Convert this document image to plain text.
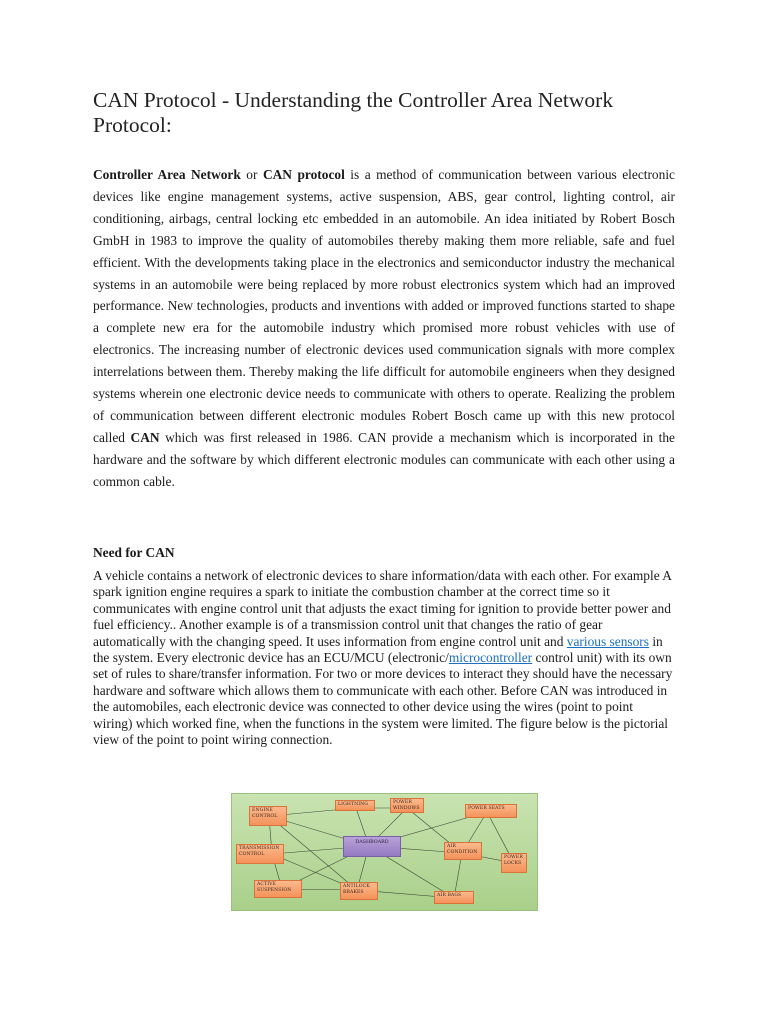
CAN Protocol - Understanding the Controller Area Network Protocol:

Controller Area Network or CAN protocol is a method of communication between various electronic devices like engine management systems, active suspension, ABS, gear control, lighting control, air conditioning, airbags, central locking etc embedded in an automobile. An idea initiated by Robert Bosch GmbH in 1983 to improve the quality of automobiles thereby making them more reliable, safe and fuel efficient. With the developments taking place in the electronics and semiconductor industry the mechanical systems in an automobile were being replaced by more robust electronics system which had an improved performance. New technologies, products and inventions with added or improved functions started to shape a complete new era for the automobile industry which promised more robust vehicles with use of electronics. The increasing number of electronic devices used communication signals with more complex interrelations between them. Thereby making the life difficult for automobile engineers when they designed systems wherein one electronic device needs to communicate with others to operate. Realizing the problem of communication between different electronic modules Robert Bosch came up with this new protocol called CAN which was first released in 1986. CAN provide a mechanism which is incorporated in the hardware and the software by which different electronic modules can communicate with each other using a common cable.

Need for CAN

A vehicle contains a network of electronic devices to share information/data with each other. For example A spark ignition engine requires a spark to initiate the combustion chamber at the correct time so it communicates with engine control unit that adjusts the exact timing for ignition to provide better power and fuel efficiency.. Another example is of a transmission control unit that changes the ratio of gear automatically with the changing speed. It uses information from engine control unit and various sensors in the system. Every electronic device has an ECU/MCU (electronic/microcontroller control unit) with its own set of rules to share/transfer information. For two or more devices to interact they should have the necessary hardware and software which allows them to communicate with each other. Before CAN was introduced in the automobiles, each electronic device was connected to other device using the wires (point to point wiring) which worked fine, when the functions in the system were limited. The figure below is the pictorial view of the point to point wiring connection.

ENGINE CONTROL
LIGHTNING	POWER WINDOWS	POWER SEATS
DASHBOARD
TRANSMISSION CONTROL
AIR CONDITION
POWER LOCKS
ACTIVE SUSPENSION
ANTILOCK BRAKES
AIR BAGS
